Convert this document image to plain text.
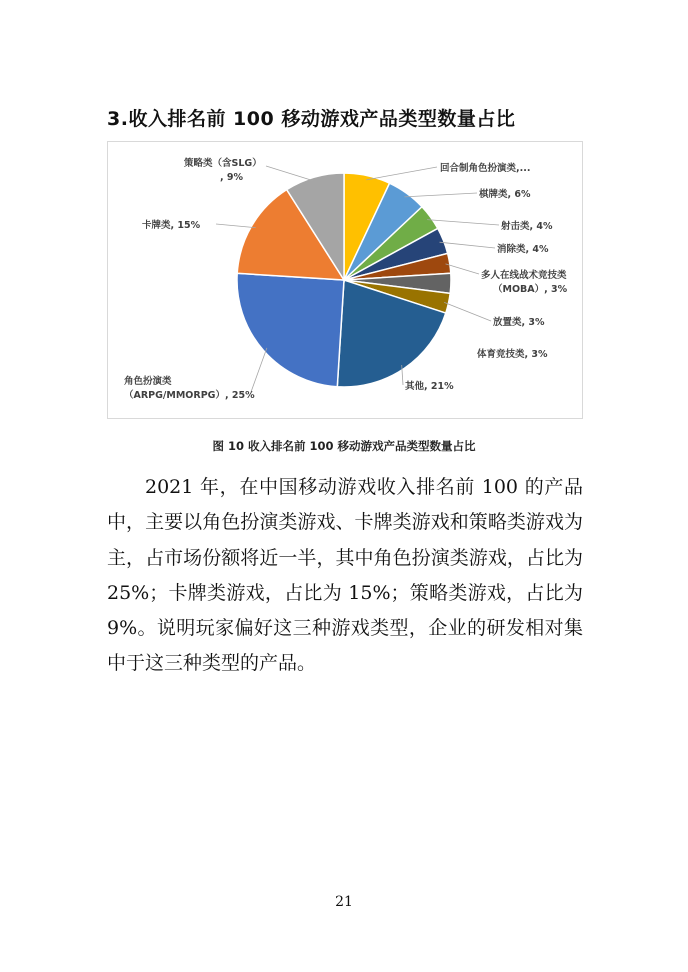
3.收入排名前 100 移动游戏产品类型数量占比
回合制角色扮演类,...
棋牌类, 6%
射击类, 4%
消除类, 4%
多人在线战术竞技类（MOBA）, 3%
放置类, 3%
体育竞技类, 3%
其他, 21%
角色扮演类（ARPG/MMORPG）, 25%
卡牌类, 15%
策略类（含SLG）, 9%
图 10 收入排名前 100 移动游戏产品类型数量占比
2021 年，在中国移动游戏收入排名前 100 的产品中，主要以角色扮演类游戏、卡牌类游戏和策略类游戏为主，占市场份额将近一半，其中角色扮演类游戏，占比为25%；卡牌类游戏，占比为 15%；策略类游戏，占比为 9%。说明玩家偏好这三种游戏类型，企业的研发相对集中于这三种类型的产品。
21
